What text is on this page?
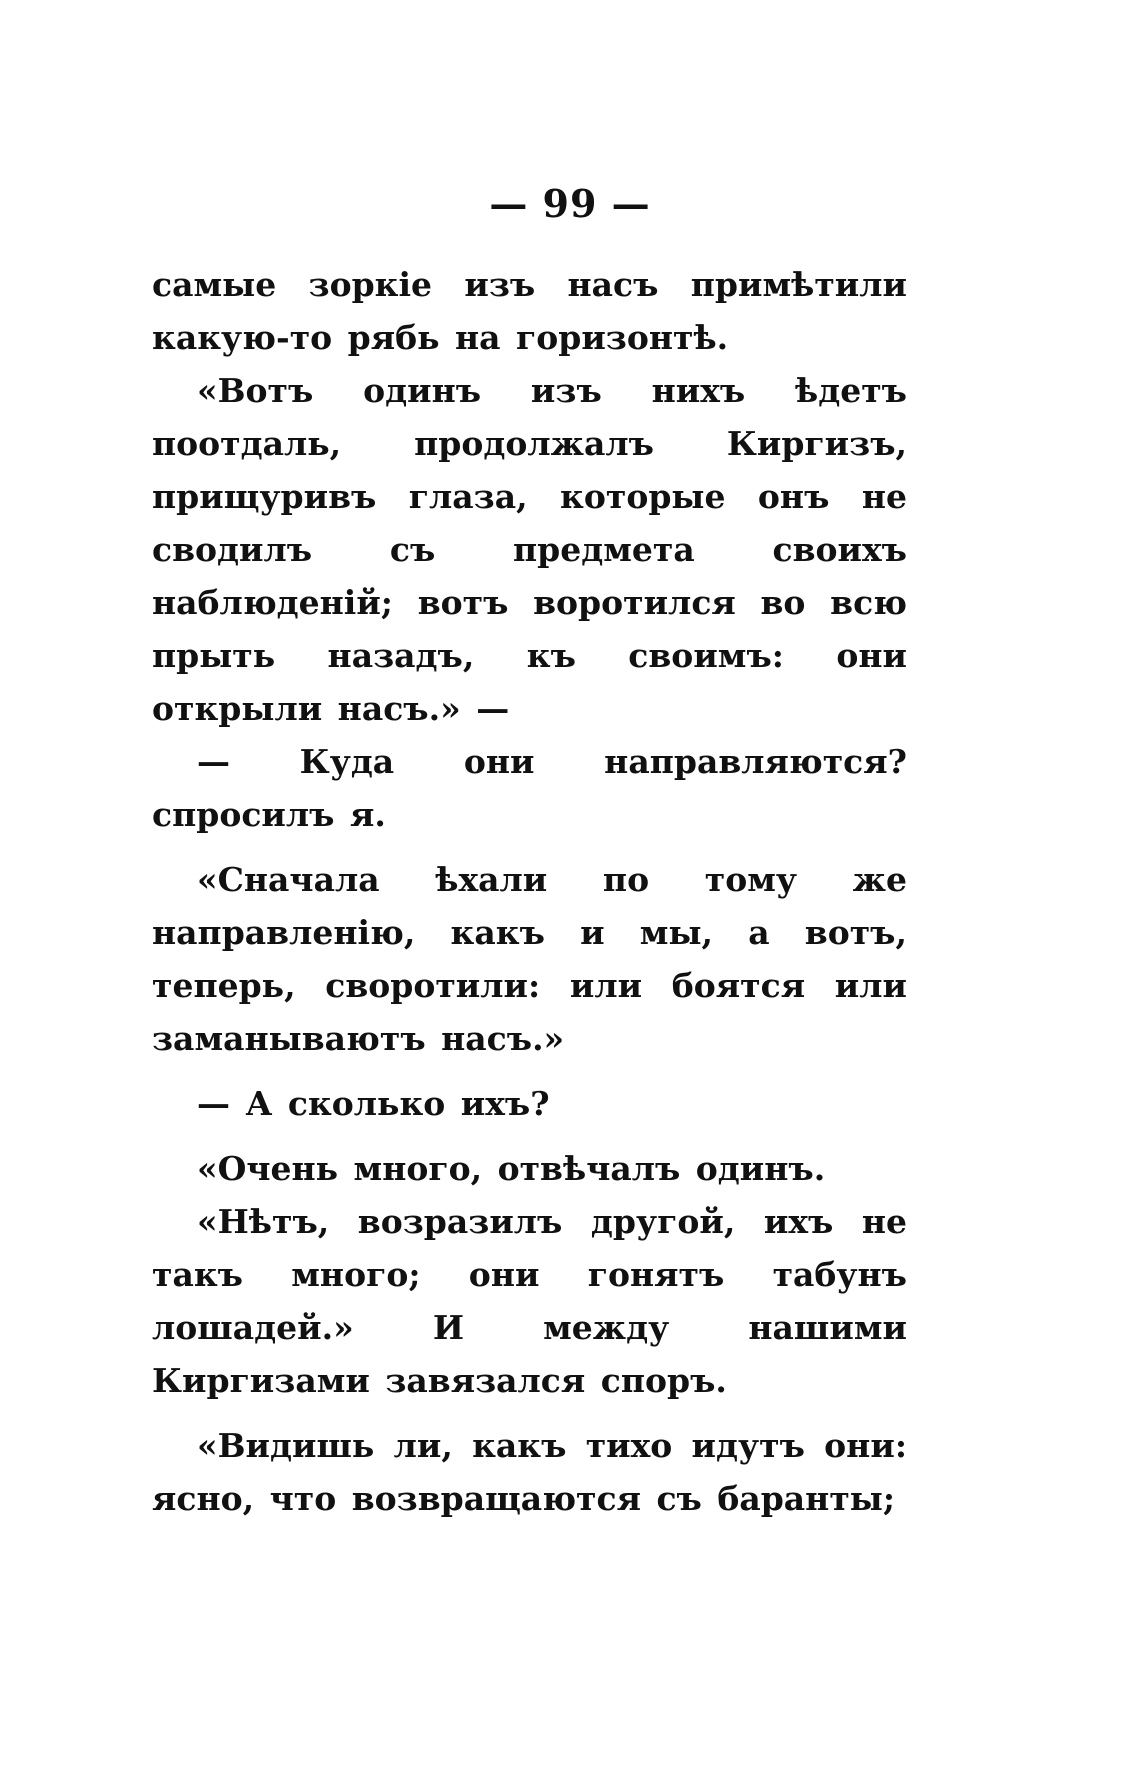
— 99 —

самые зоркіе изъ насъ примѣтили какую-то рябь на горизонтѣ.

«Вотъ одинъ изъ нихъ ѣдетъ поотдаль, продолжалъ Киргизъ, прищуривъ глаза, которые онъ не сводилъ съ предмета своихъ наблюденій; вотъ воротился во всю прыть назадъ, къ своимъ: они открыли насъ.» —

— Куда они направляются? спросилъ я.

«Сначала ѣхали по тому же направленію, какъ и мы, а вотъ, теперь, своротили: или боятся или заманываютъ насъ.»

— А сколько ихъ?

«Очень много, отвѣчалъ одинъ.

«Нѣтъ, возразилъ другой, ихъ не такъ много; они гонятъ табунъ лошадей.» И между нашими Киргизами завязался споръ.

«Видишь ли, какъ тихо идутъ они: ясно, что возвращаются съ баранты;
